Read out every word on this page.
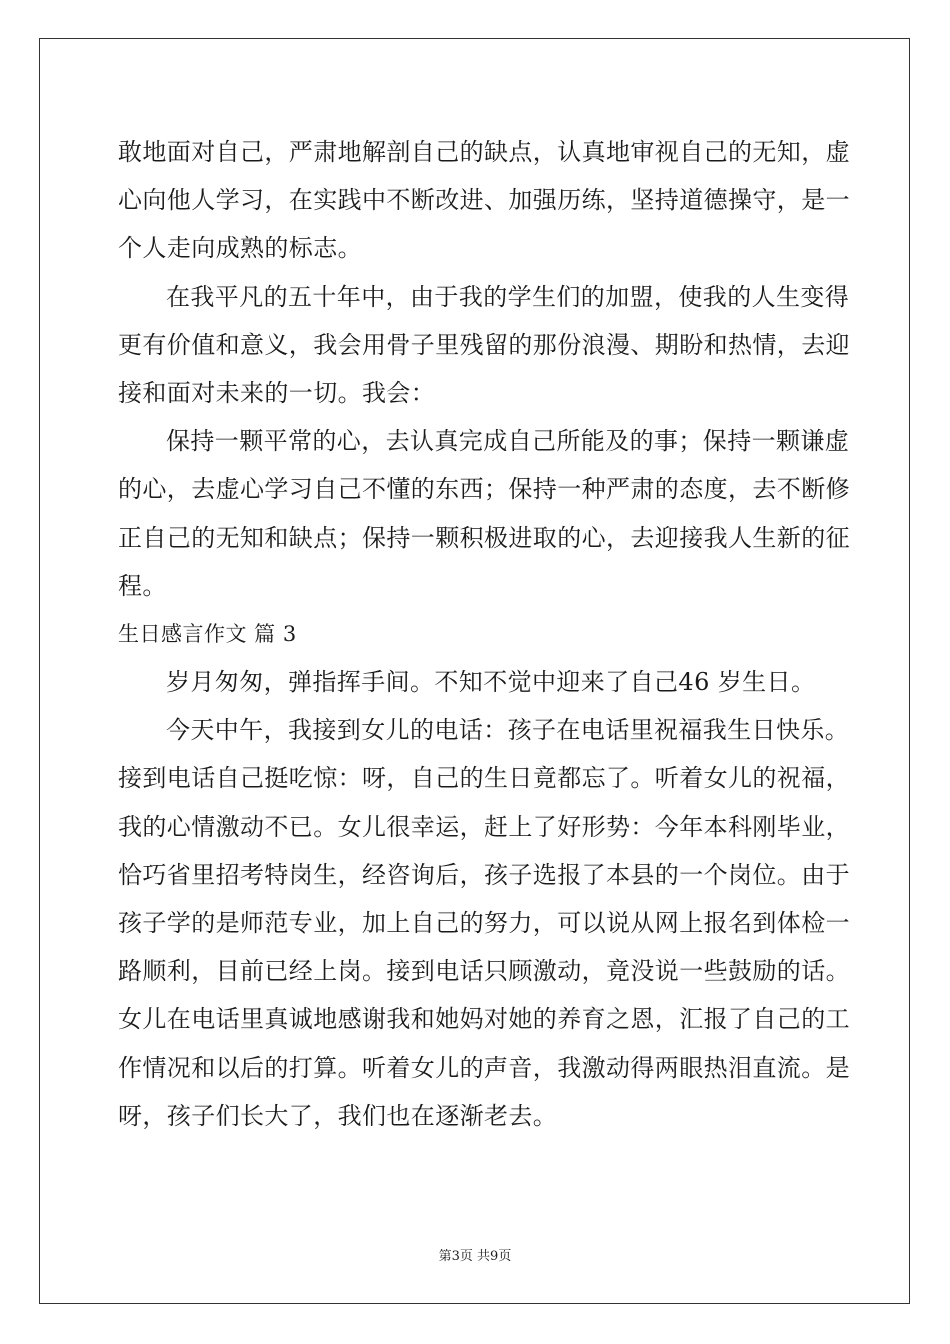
敢地面对自己，严肃地解剖自己的缺点，认真地审视自己的无知，虚
心向他人学习，在实践中不断改进、加强历练，坚持道德操守，是一
个人走向成熟的标志。
在我平凡的五十年中，由于我的学生们的加盟，使我的人生变得
更有价值和意义，我会用骨子里残留的那份浪漫、期盼和热情，去迎
接和面对未来的一切。我会：
保持一颗平常的心，去认真完成自己所能及的事；保持一颗谦虚
的心，去虚心学习自己不懂的东西；保持一种严肃的态度，去不断修
正自己的无知和缺点；保持一颗积极进取的心，去迎接我人生新的征
程。
生日感言作文 篇 3
岁月匆匆，弹指挥手间。不知不觉中迎来了自己46 岁生日。
今天中午，我接到女儿的电话：孩子在电话里祝福我生日快乐。
接到电话自己挺吃惊：呀，自己的生日竟都忘了。听着女儿的祝福，
我的心情激动不已。女儿很幸运，赶上了好形势：今年本科刚毕业，
恰巧省里招考特岗生，经咨询后，孩子选报了本县的一个岗位。由于
孩子学的是师范专业，加上自己的努力，可以说从网上报名到体检一
路顺利，目前已经上岗。接到电话只顾激动，竟没说一些鼓励的话。
女儿在电话里真诚地感谢我和她妈对她的养育之恩，汇报了自己的工
作情况和以后的打算。听着女儿的声音，我激动得两眼热泪直流。是
呀，孩子们长大了，我们也在逐渐老去。
第3页 共9页
